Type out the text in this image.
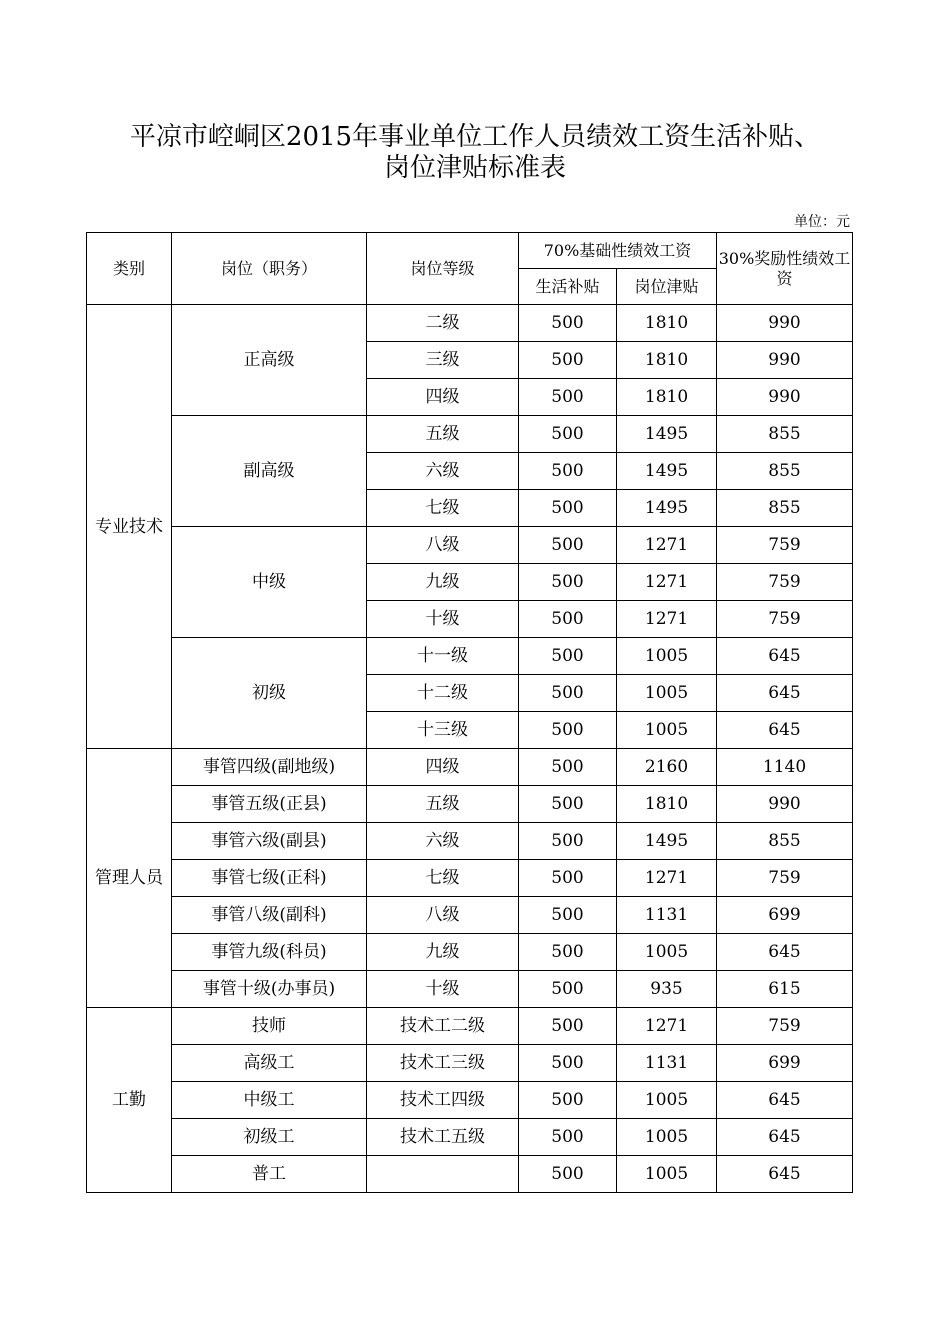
平凉市崆峒区2015年事业单位工作人员绩效工资生活补贴、
岗位津贴标准表
单位：元
类别	岗位（职务）	岗位等级	70%基础性绩效工资		30%奖励性绩效工资
			生活补贴	岗位津贴	
专业技术	正高级	二级	500	1810	990
		三级	500	1810	990
		四级	500	1810	990
	副高级	五级	500	1495	855
		六级	500	1495	855
		七级	500	1495	855
	中级	八级	500	1271	759
		九级	500	1271	759
		十级	500	1271	759
	初级	十一级	500	1005	645
		十二级	500	1005	645
		十三级	500	1005	645
管理人员	事管四级(副地级)	四级	500	2160	1140
	事管五级(正县)	五级	500	1810	990
	事管六级(副县)	六级	500	1495	855
	事管七级(正科)	七级	500	1271	759
	事管八级(副科)	八级	500	1131	699
	事管九级(科员)	九级	500	1005	645
	事管十级(办事员)	十级	500	935	615
工勤	技师	技术工二级	500	1271	759
	高级工	技术工三级	500	1131	699
	中级工	技术工四级	500	1005	645
	初级工	技术工五级	500	1005	645
	普工		500	1005	645
